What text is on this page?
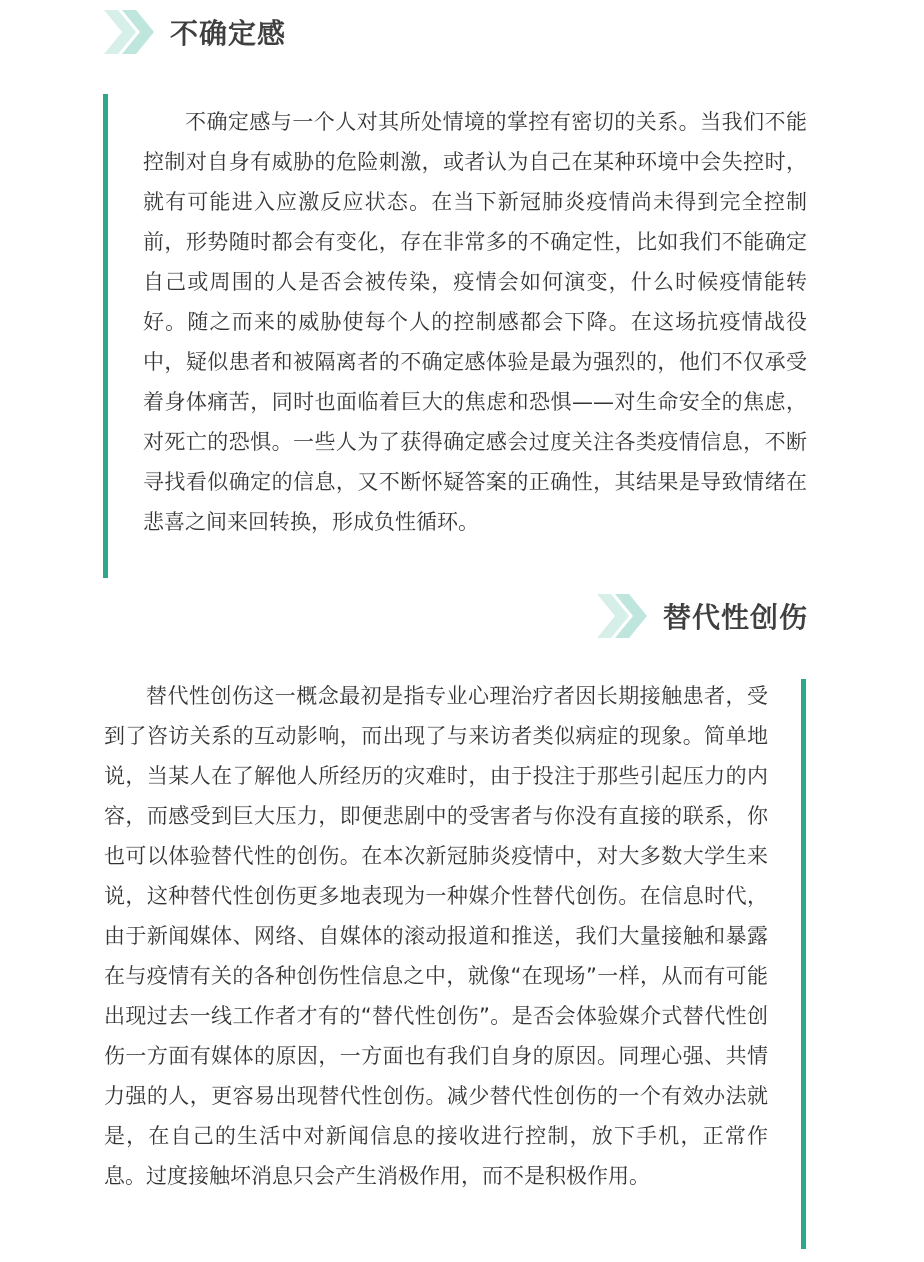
不确定感

不确定感与一个人对其所处情境的掌控有密切的关系。当我们不能控制对自身有威胁的危险刺激，或者认为自己在某种环境中会失控时，就有可能进入应激反应状态。在当下新冠肺炎疫情尚未得到完全控制前，形势随时都会有变化，存在非常多的不确定性，比如我们不能确定自己或周围的人是否会被传染，疫情会如何演变，什么时候疫情能转好。随之而来的威胁使每个人的控制感都会下降。在这场抗疫情战役中，疑似患者和被隔离者的不确定感体验是最为强烈的，他们不仅承受着身体痛苦，同时也面临着巨大的焦虑和恐惧——对生命安全的焦虑，对死亡的恐惧。一些人为了获得确定感会过度关注各类疫情信息，不断寻找看似确定的信息，又不断怀疑答案的正确性，其结果是导致情绪在悲喜之间来回转换，形成负性循环。

替代性创伤

替代性创伤这一概念最初是指专业心理治疗者因长期接触患者，受到了咨访关系的互动影响，而出现了与来访者类似病症的现象。简单地说，当某人在了解他人所经历的灾难时，由于投注于那些引起压力的内容，而感受到巨大压力，即便悲剧中的受害者与你没有直接的联系，你也可以体验替代性的创伤。在本次新冠肺炎疫情中，对大多数大学生来说，这种替代性创伤更多地表现为一种媒介性替代创伤。在信息时代，由于新闻媒体、网络、自媒体的滚动报道和推送，我们大量接触和暴露在与疫情有关的各种创伤性信息之中，就像“在现场”一样，从而有可能出现过去一线工作者才有的“替代性创伤”。是否会体验媒介式替代性创伤一方面有媒体的原因，一方面也有我们自身的原因。同理心强、共情力强的人，更容易出现替代性创伤。减少替代性创伤的一个有效办法就是，在自己的生活中对新闻信息的接收进行控制，放下手机，正常作息。过度接触坏消息只会产生消极作用，而不是积极作用。
